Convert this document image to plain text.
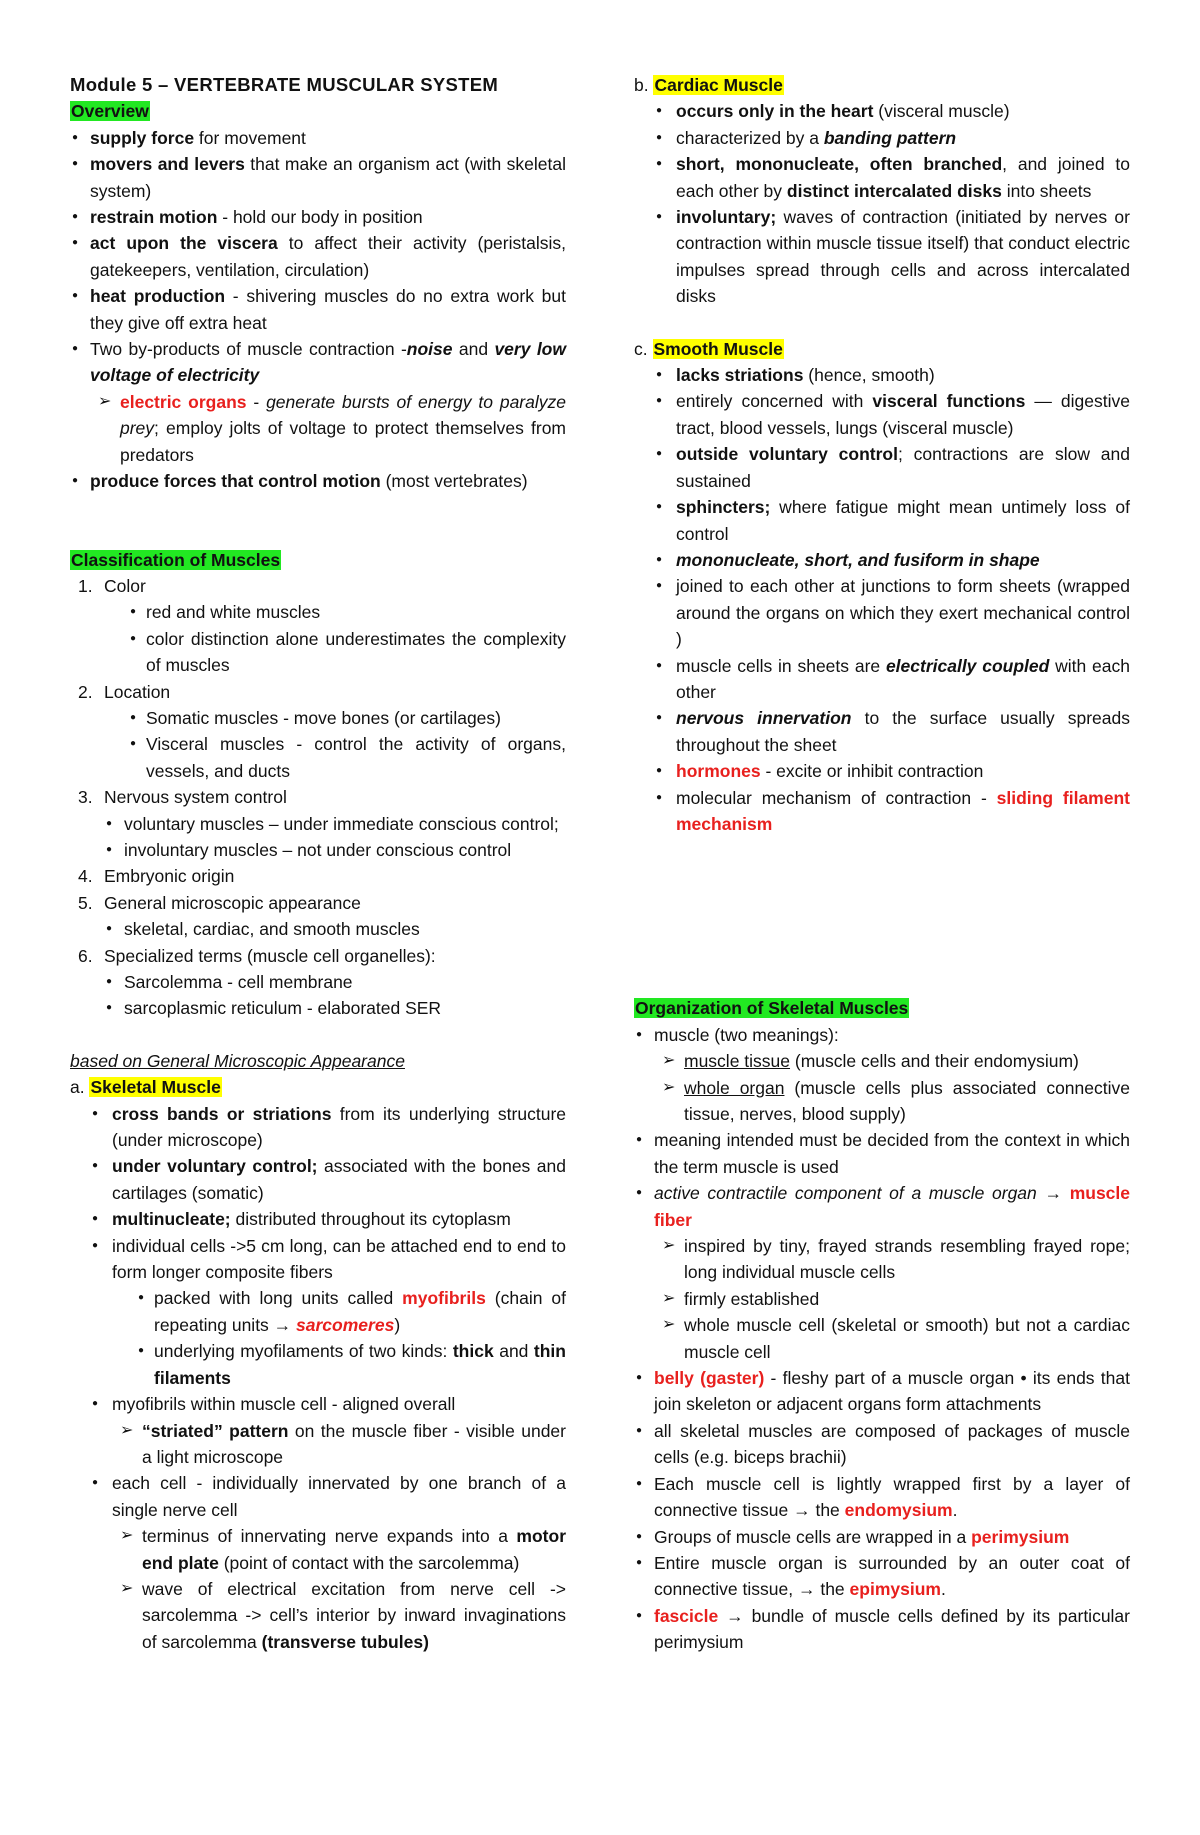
Module 5 – VERTEBRATE MUSCULAR SYSTEM

Overview

● supply force for movement
● movers and levers that make an organism act (with skeletal system)
● restrain motion - hold our body in position
● act upon the viscera to affect their activity (peristalsis, gatekeepers, ventilation, circulation)
● heat production - shivering muscles do no extra work but they give off extra heat
● Two by-products of muscle contraction -noise and very low voltage of electricity
➢ electric organs - generate bursts of energy to paralyze prey; employ jolts of voltage to protect themselves from predators
● produce forces that control motion (most vertebrates)

Classification of Muscles

1. Color
● red and white muscles
● color distinction alone underestimates the complexity of muscles
2. Location
● Somatic muscles - move bones (or cartilages)
● Visceral muscles - control the activity of organs, vessels, and ducts
3. Nervous system control
● voluntary muscles – under immediate conscious control;
● involuntary muscles – not under conscious control
4. Embryonic origin
5. General microscopic appearance
● skeletal, cardiac, and smooth muscles
6. Specialized terms (muscle cell organelles):
● Sarcolemma - cell membrane
● sarcoplasmic reticulum - elaborated SER

based on General Microscopic Appearance

a. Skeletal Muscle

● cross bands or striations from its underlying structure (under microscope)
● under voluntary control; associated with the bones and cartilages (somatic)
● multinucleate; distributed throughout its cytoplasm
● individual cells ->5 cm long, can be attached end to end to form longer composite fibers
● packed with long units called myofibrils (chain of repeating units → sarcomeres)
● underlying myofilaments of two kinds: thick and thin filaments
● myofibrils within muscle cell - aligned overall
➢ “striated” pattern on the muscle fiber - visible under a light microscope
● each cell - individually innervated by one branch of a single nerve cell
➢ terminus of innervating nerve expands into a motor end plate (point of contact with the sarcolemma)
➢ wave of electrical excitation from nerve cell -> sarcolemma -> cell’s interior by inward invaginations of sarcolemma (transverse tubules)

b. Cardiac Muscle

● occurs only in the heart (visceral muscle)
● characterized by a banding pattern
● short, mononucleate, often branched, and joined to each other by distinct intercalated disks into sheets
● involuntary; waves of contraction (initiated by nerves or contraction within muscle tissue itself) that conduct electric impulses spread through cells and across intercalated disks

c. Smooth Muscle

● lacks striations (hence, smooth)
● entirely concerned with visceral functions — digestive tract, blood vessels, lungs (visceral muscle)
● outside voluntary control; contractions are slow and sustained
● sphincters; where fatigue might mean untimely loss of control
● mononucleate, short, and fusiform in shape
● joined to each other at junctions to form sheets (wrapped around the organs on which they exert mechanical control )
● muscle cells in sheets are electrically coupled with each other
● nervous innervation to the surface usually spreads throughout the sheet
● hormones - excite or inhibit contraction
● molecular mechanism of contraction - sliding filament mechanism

Organization of Skeletal Muscles

● muscle (two meanings):
➢ muscle tissue (muscle cells and their endomysium)
➢ whole organ (muscle cells plus associated connective tissue, nerves, blood supply)
● meaning intended must be decided from the context in which the term muscle is used
● active contractile component of a muscle organ → muscle fiber
➢ inspired by tiny, frayed strands resembling frayed rope; long individual muscle cells
➢ firmly established
➢ whole muscle cell (skeletal or smooth) but not a cardiac muscle cell
● belly (gaster) - fleshy part of a muscle organ • its ends that join skeleton or adjacent organs form attachments
● all skeletal muscles are composed of packages of muscle cells (e.g. biceps brachii)
● Each muscle cell is lightly wrapped first by a layer of connective tissue → the endomysium.
● Groups of muscle cells are wrapped in a perimysium
● Entire muscle organ is surrounded by an outer coat of connective tissue, → the epimysium.
● fascicle → bundle of muscle cells defined by its particular perimysium
